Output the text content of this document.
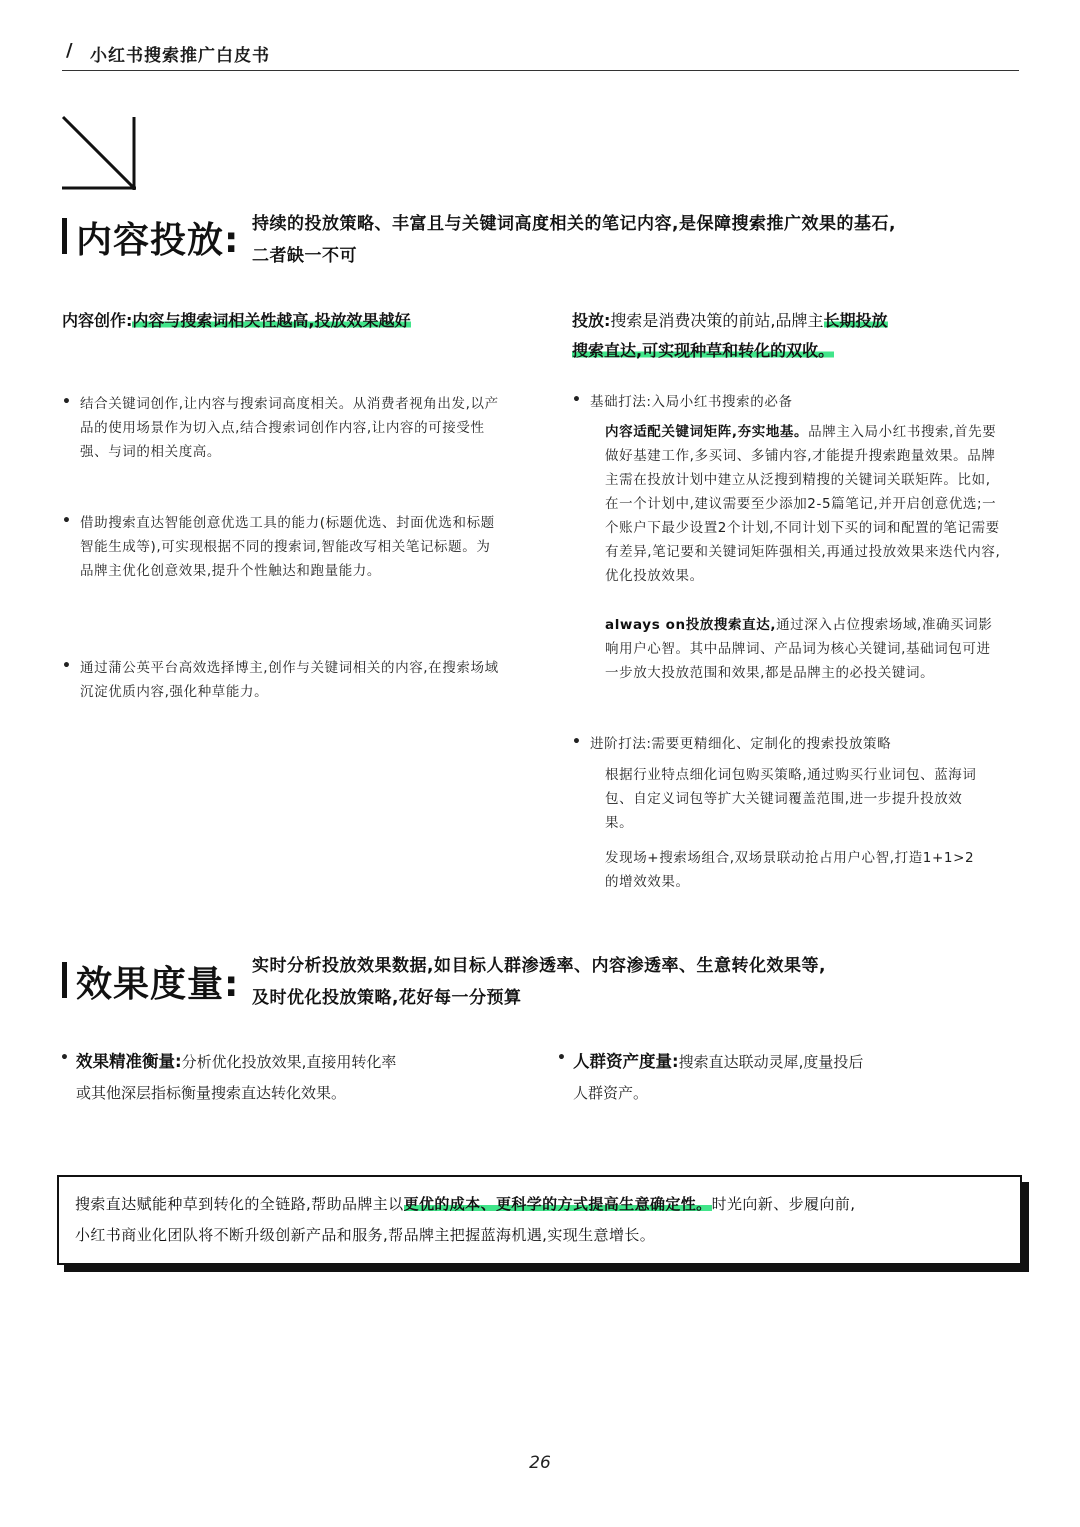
/ 小红书搜索推广白皮书
内容投放: 持续的投放策略、丰富且与关键词高度相关的笔记内容,是保障搜索推广效果的基石,
二者缺一不可
内容创作:内容与搜索词相关性越高,投放效果越好
• 结合关键词创作,让内容与搜索词高度相关。从消费者视角出发,以产品的使用场景作为切入点,结合搜索词创作内容,让内容的可接受性强、与词的相关度高。
• 借助搜索直达智能创意优选工具的能力(标题优选、封面优选和标题智能生成等),可实现根据不同的搜索词,智能改写相关笔记标题。为品牌主优化创意效果,提升个性触达和跑量能力。
• 通过蒲公英平台高效选择博主,创作与关键词相关的内容,在搜索场域沉淀优质内容,强化种草能力。
投放:搜索是消费决策的前站,品牌主长期投放
搜索直达,可实现种草和转化的双收。
• 基础打法:入局小红书搜索的必备
内容适配关键词矩阵,夯实地基。品牌主入局小红书搜索,首先要做好基建工作,多买词、多铺内容,才能提升搜索跑量效果。品牌主需在投放计划中建立从泛搜到精搜的关键词关联矩阵。比如,在一个计划中,建议需要至少添加2-5篇笔记,并开启创意优选;一个账户下最少设置2个计划,不同计划下买的词和配置的笔记需要有差异,笔记要和关键词矩阵强相关,再通过投放效果来迭代内容,优化投放效果。
always on投放搜索直达,通过深入占位搜索场域,准确买词影响用户心智。其中品牌词、产品词为核心关键词,基础词包可进一步放大投放范围和效果,都是品牌主的必投关键词。
• 进阶打法:需要更精细化、定制化的搜索投放策略
根据行业特点细化词包购买策略,通过购买行业词包、蓝海词包、自定义词包等扩大关键词覆盖范围,进一步提升投放效果。
发现场+搜索场组合,双场景联动抢占用户心智,打造1+1>2的增效效果。
效果度量: 实时分析投放效果数据,如目标人群渗透率、内容渗透率、生意转化效果等,
及时优化投放策略,花好每一分预算
• 效果精准衡量:分析优化投放效果,直接用转化率
或其他深层指标衡量搜索直达转化效果。
• 人群资产度量:搜索直达联动灵犀,度量投后
人群资产。
搜索直达赋能种草到转化的全链路,帮助品牌主以更优的成本、更科学的方式提高生意确定性。时光向新、步履向前,
小红书商业化团队将不断升级创新产品和服务,帮品牌主把握蓝海机遇,实现生意增长。
26
